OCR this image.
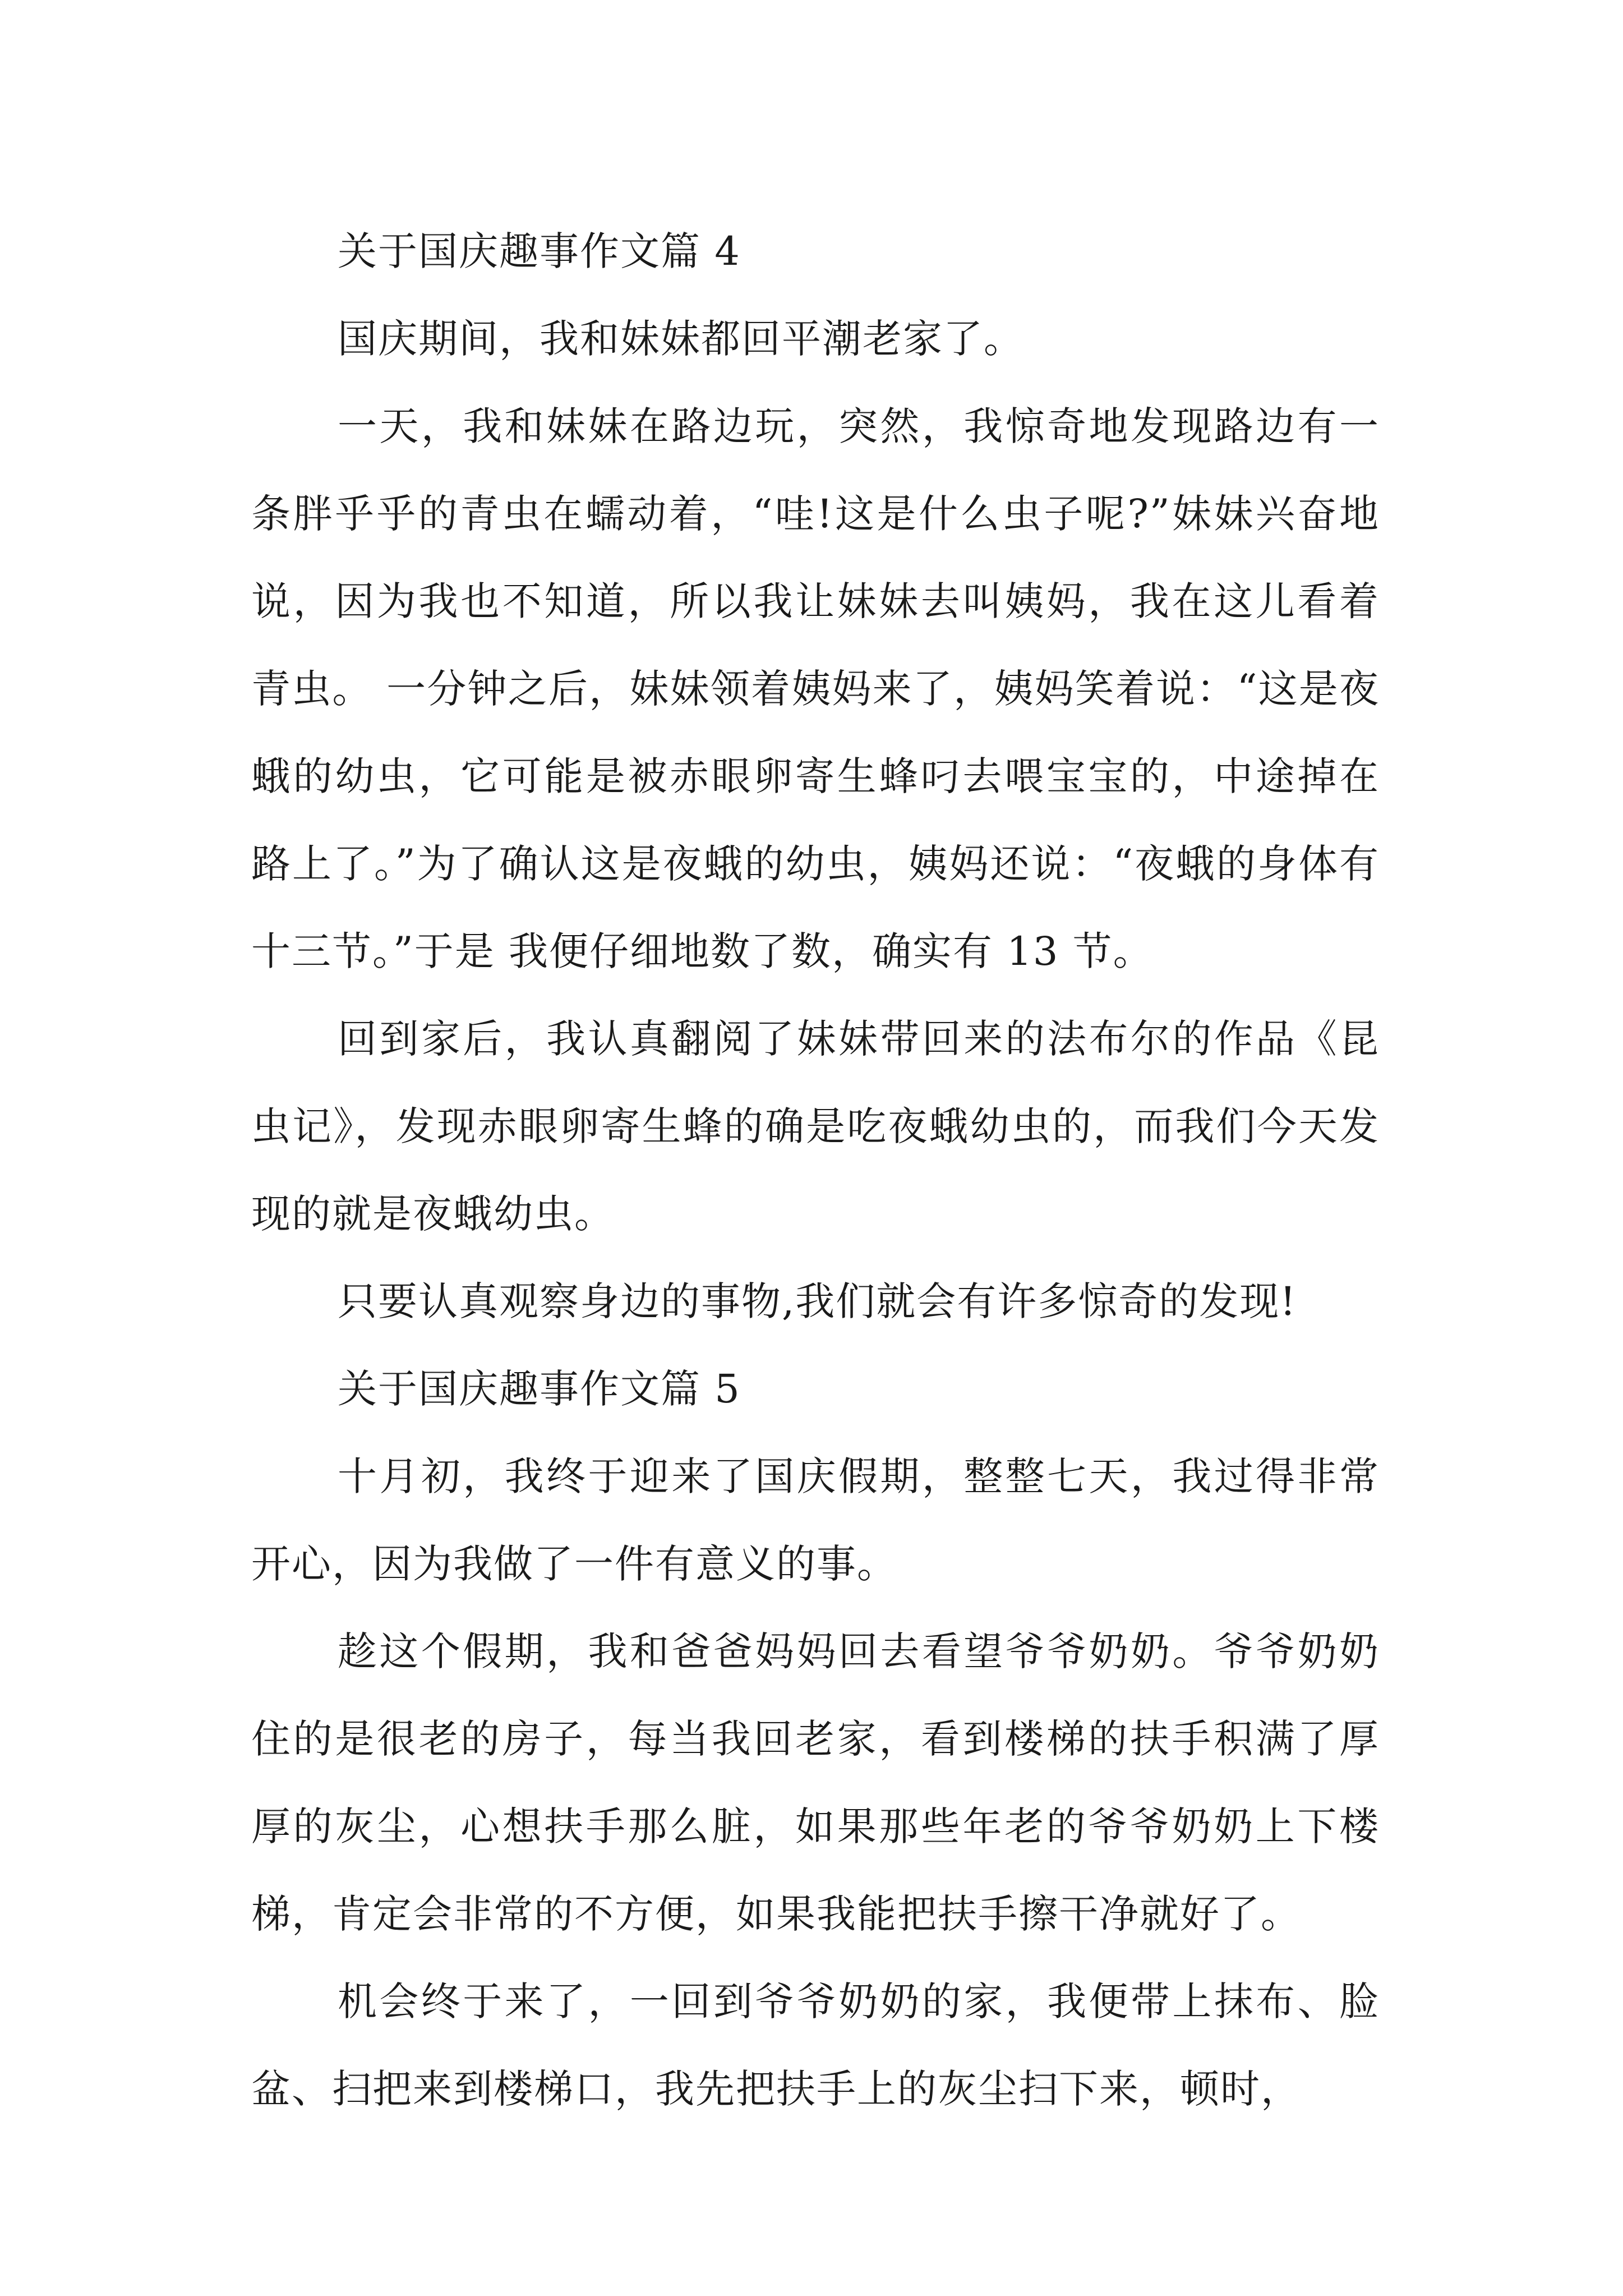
关于国庆趣事作文篇 4

国庆期间，我和妹妹都回平潮老家了。

一天，我和妹妹在路边玩，突然，我惊奇地发现路边有一条胖乎乎的青虫在蠕动着，“哇!这是什么虫子呢?”妹妹兴奋地说，因为我也不知道，所以我让妹妹去叫姨妈，我在这儿看着青虫。 一分钟之后，妹妹领着姨妈来了，姨妈笑着说：“这是夜蛾的幼虫，它可能是被赤眼卵寄生蜂叼去喂宝宝的，中途掉在路上了。”为了确认这是夜蛾的幼虫，姨妈还说：“夜蛾的身体有十三节。”于是 我便仔细地数了数，确实有 13 节。

回到家后，我认真翻阅了妹妹带回来的法布尔的作品《昆虫记》，发现赤眼卵寄生蜂的确是吃夜蛾幼虫的，而我们今天发现的就是夜蛾幼虫。

只要认真观察身边的事物,我们就会有许多惊奇的发现!

关于国庆趣事作文篇 5

十月初，我终于迎来了国庆假期，整整七天，我过得非常开心，因为我做了一件有意义的事。

趁这个假期，我和爸爸妈妈回去看望爷爷奶奶。爷爷奶奶住的是很老的房子，每当我回老家，看到楼梯的扶手积满了厚厚的灰尘，心想扶手那么脏，如果那些年老的爷爷奶奶上下楼梯，肯定会非常的不方便，如果我能把扶手擦干净就好了。

机会终于来了，一回到爷爷奶奶的家，我便带上抹布、脸盆、扫把来到楼梯口，我先把扶手上的灰尘扫下来，顿时，
